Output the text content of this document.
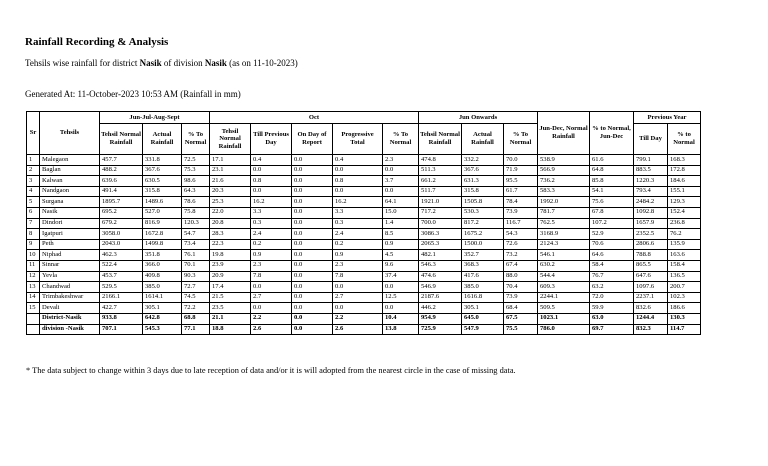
Rainfall Recording & Analysis
Tehsils wise rainfall for district Nasik of division Nasik (as on 11-10-2023)
Generated At: 11-October-2023 10:53 AM (Rainfall in mm)
Sr	Tehsils	Jun-Jul-Aug-Sept			Oct					Jun Onwards			Jun-Dec, Normal Rainfall	% to Normal, Jun-Dec	Previous Year	
		Tehsil Normal Rainfall	Actual Rainfall	% To Normal	Tehsil Normal Rainfall	Till Previous Day	On Day of Report	Progressive Total	% To Normal	Tehsil Normal Rainfall	Actual Rainfall	% To Normal			Till Day	% to Normal
1	Malegaon	457.7	331.8	72.5	17.1	0.4	0.0	0.4	2.3	474.8	332.2	70.0	538.9	61.6	799.1	168.3
2	Baglan	488.2	367.6	75.3	23.1	0.0	0.0	0.0	0.0	511.3	367.6	71.9	566.9	64.8	883.5	172.8
3	Kalwan	639.6	630.5	98.6	21.6	0.8	0.0	0.8	3.7	661.2	631.3	95.5	736.2	85.8	1220.3	184.6
4	Nandgaon	491.4	315.8	64.3	20.3	0.0	0.0	0.0	0.0	511.7	315.8	61.7	583.3	54.1	793.4	155.1
5	Surgana	1895.7	1489.6	78.6	25.3	16.2	0.0	16.2	64.1	1921.0	1505.8	78.4	1992.0	75.6	2484.2	129.3
6	Nasik	695.2	527.0	75.8	22.0	3.3	0.0	3.3	15.0	717.2	530.3	73.9	781.7	67.8	1092.8	152.4
7	Dindori	679.2	816.9	120.3	20.8	0.3	0.0	0.3	1.4	700.0	817.2	116.7	762.5	107.2	1657.9	236.8
8	Igatpuri	3058.0	1672.8	54.7	28.3	2.4	0.0	2.4	8.5	3086.3	1675.2	54.3	3168.9	52.9	2352.5	76.2
9	Peth	2043.0	1499.8	73.4	22.3	0.2	0.0	0.2	0.9	2065.3	1500.0	72.6	2124.3	70.6	2806.6	135.9
10	Niphad	462.3	351.8	76.1	19.8	0.9	0.0	0.9	4.5	482.1	352.7	73.2	546.1	64.6	788.8	163.6
11	Sinnar	522.4	366.0	70.1	23.9	2.3	0.0	2.3	9.6	546.3	368.3	67.4	630.2	58.4	865.5	158.4
12	Yevla	453.7	409.8	90.3	20.9	7.8	0.0	7.8	37.4	474.6	417.6	88.0	544.4	76.7	647.6	136.5
13	Chandwad	529.5	385.0	72.7	17.4	0.0	0.0	0.0	0.0	546.9	385.0	70.4	609.3	63.2	1097.6	200.7
14	Trimbakeshwar	2166.1	1614.1	74.5	21.5	2.7	0.0	2.7	12.5	2187.6	1616.8	73.9	2244.1	72.0	2237.1	102.3
15	Devali	422.7	305.1	72.2	23.5	0.0	0.0	0.0	0.0	446.2	305.1	68.4	509.5	59.9	832.6	186.6
	District-Nasik	933.8	642.8	68.8	21.1	2.2	0.0	2.2	10.4	954.9	645.0	67.5	1023.1	63.0	1244.4	130.3
	division -Nasik	707.1	545.3	77.1	18.8	2.6	0.0	2.6	13.8	725.9	547.9	75.5	786.0	69.7	832.3	114.7
* The data subject to change within 3 days due to late reception of data and/or it is will adopted from the nearest circle in the case of missing data.
